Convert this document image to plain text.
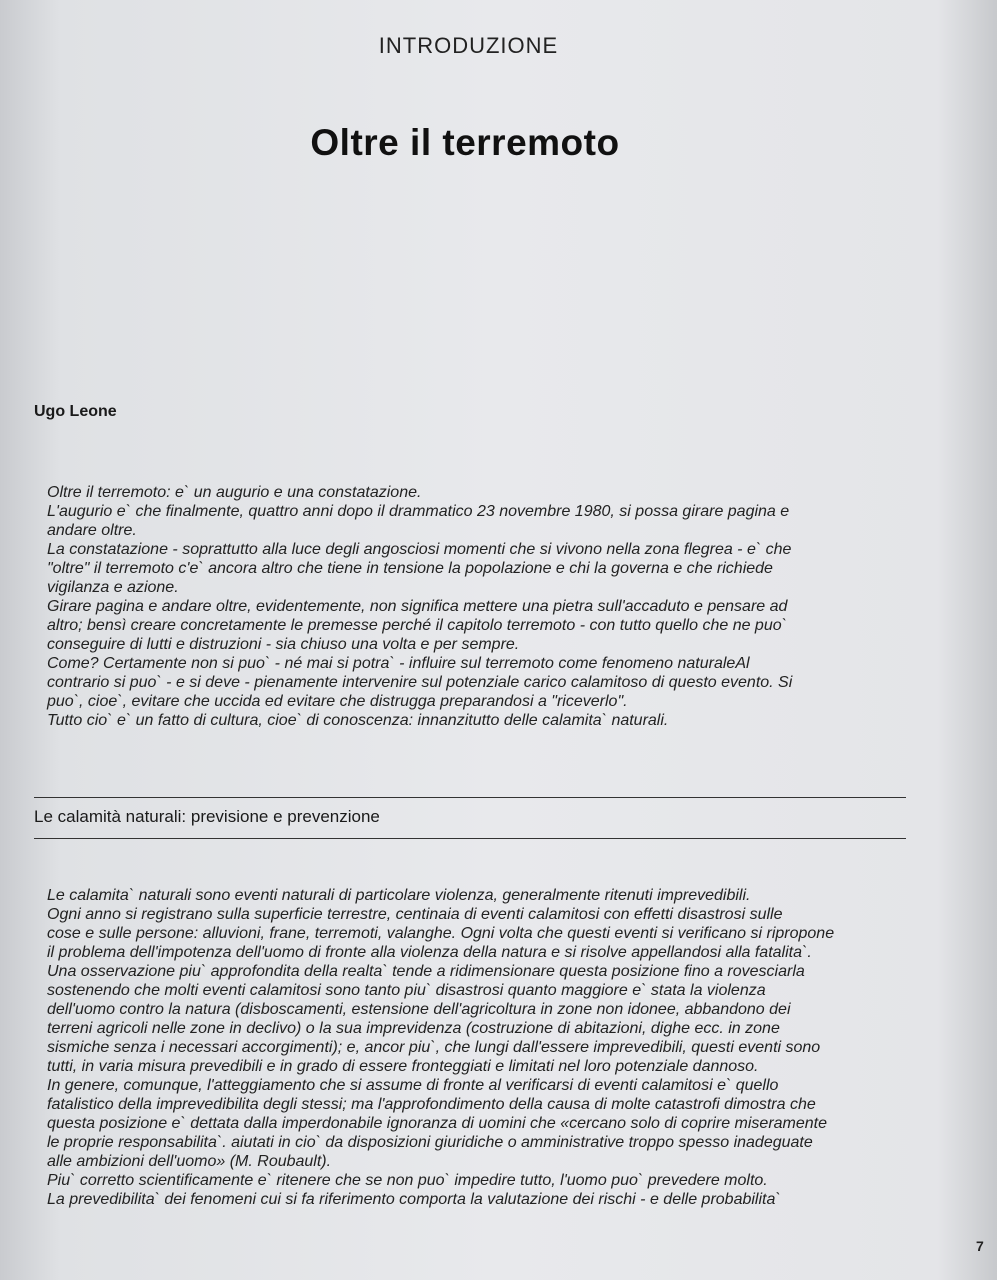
INTRODUZIONE
Oltre il terremoto
Ugo Leone

Oltre il terremoto: e` un augurio e una constatazione.

L'augurio e` che finalmente, quattro anni dopo il drammatico 23 novembre 1980, si possa girare pagina e

andare oltre.

La constatazione - soprattutto alla luce degli angosciosi momenti che si vivono nella zona flegrea - e` che

"oltre" il terremoto c'e` ancora altro che tiene in tensione la popolazione e chi la governa e che richiede

vigilanza e azione.

Girare pagina e andare oltre, evidentemente, non significa mettere una pietra sull'accaduto e pensare ad

altro; bensì creare concretamente le premesse perché il capitolo terremoto - con tutto quello che ne puo`

conseguire di lutti e distruzioni - sia chiuso una volta e per sempre.

Come? Certamente non si puo` - né mai si potra` - influire sul terremoto come fenomeno naturaleAl

contrario si puo` - e si deve - pienamente intervenire sul potenziale carico calamitoso di questo evento. Si

puo`, cioe`, evitare che uccida ed evitare che distrugga preparandosi a "riceverlo".

Tutto cio` e` un fatto di cultura, cioe` di conoscenza: innanzitutto delle calamita` naturali.

Le calamità naturali: previsione e prevenzione

Le calamita` naturali sono eventi naturali di particolare violenza, generalmente ritenuti imprevedibili.

Ogni anno si registrano sulla superficie terrestre, centinaia di eventi calamitosi con effetti disastrosi sulle

cose e sulle persone: alluvioni, frane, terremoti, valanghe. Ogni volta che questi eventi si verificano si ripropone

il problema dell'impotenza dell'uomo di fronte alla violenza della natura e si risolve appellandosi alla fatalita`.

Una osservazione piu` approfondita della realta` tende a ridimensionare questa posizione fino a rovesciarla

sostenendo che molti eventi calamitosi sono tanto piu` disastrosi quanto maggiore e` stata la violenza

dell'uomo contro la natura (disboscamenti, estensione dell'agricoltura in zone non idonee, abbandono dei

terreni agricoli nelle zone in declivo) o la sua imprevidenza (costruzione di abitazioni, dighe ecc. in zone

sismiche senza i necessari accorgimenti); e, ancor piu`, che lungi dall'essere imprevedibili, questi eventi sono

tutti, in varia misura prevedibili e in grado di essere fronteggiati e limitati nel loro potenziale dannoso.

In genere, comunque, l'atteggiamento che si assume di fronte al verificarsi di eventi calamitosi e` quello

fatalistico della imprevedibilita degli stessi; ma l'approfondimento della causa di molte catastrofi dimostra che

questa posizione e` dettata dalla imperdonabile ignoranza di uomini che «cercano solo di coprire miseramente

le proprie responsabilita`. aiutati in cio` da disposizioni giuridiche o amministrative troppo spesso inadeguate

alle ambizioni dell'uomo» (M. Roubault).

Piu` corretto scientificamente e` ritenere che se non puo` impedire tutto, l'uomo puo` prevedere molto.

La prevedibilita` dei fenomeni cui si fa riferimento comporta la valutazione dei rischi - e delle probabilita`

7
